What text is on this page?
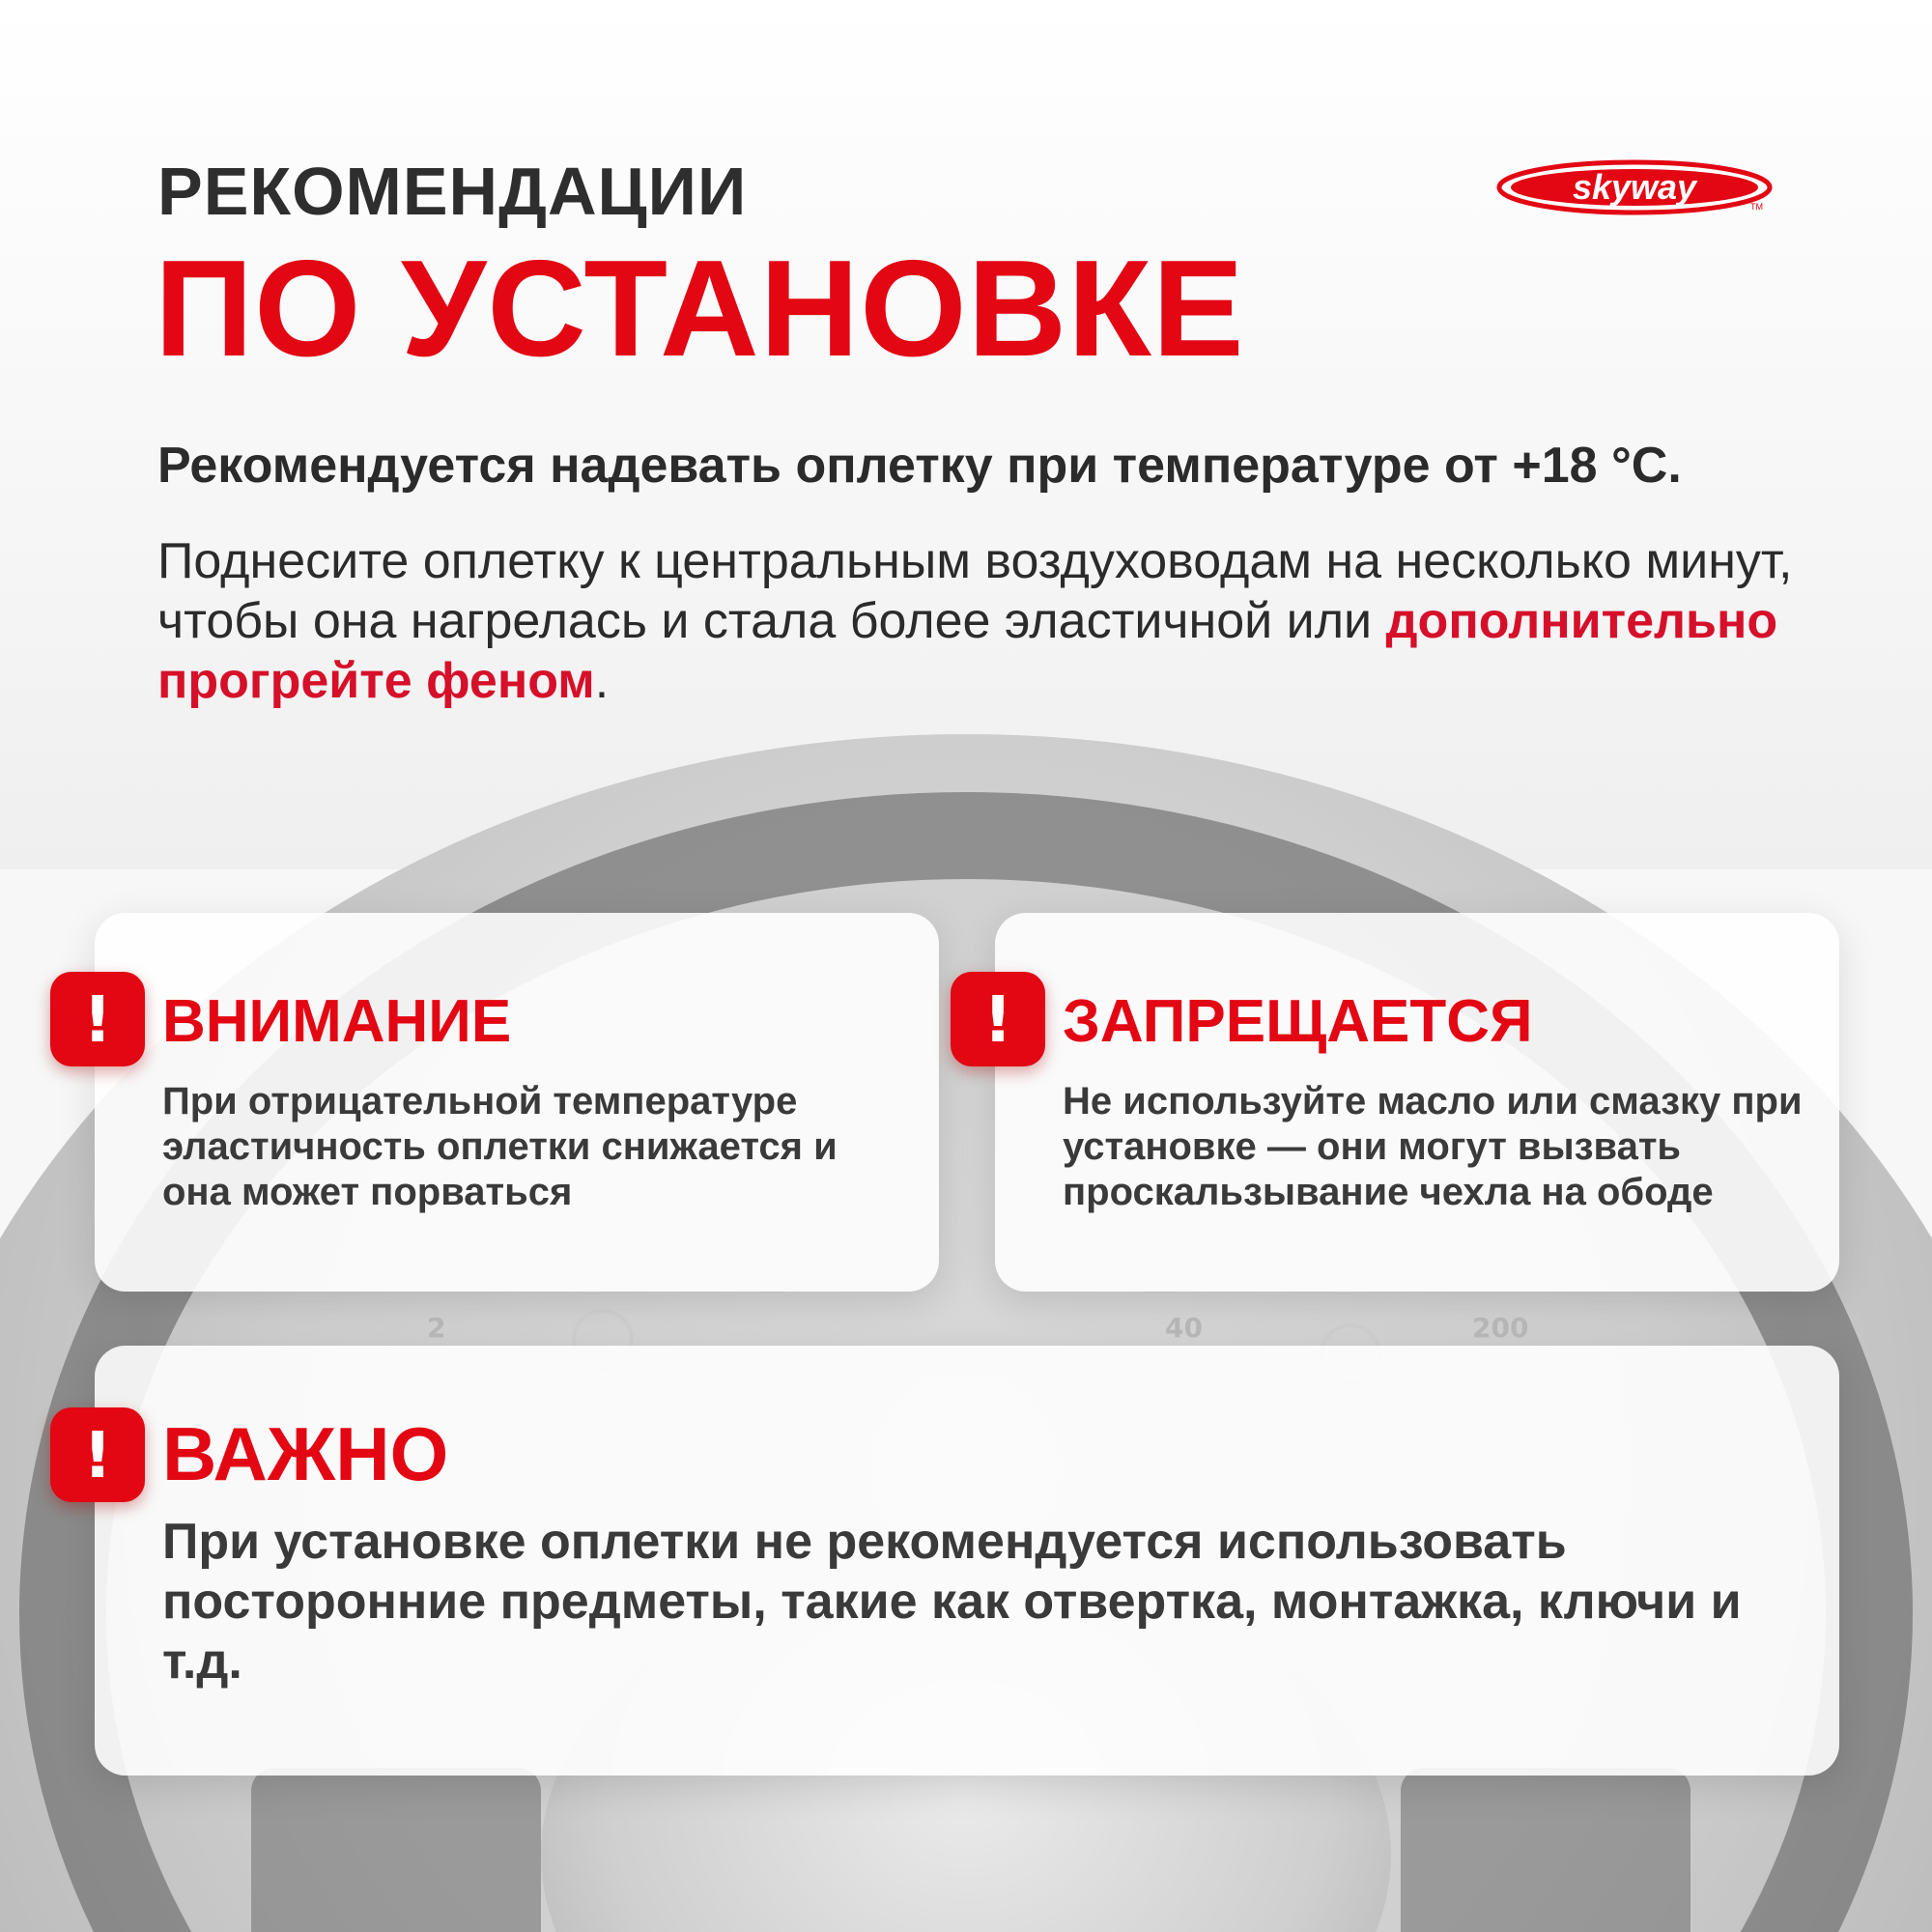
2	40	200
РЕКОМЕНДАЦИИ
ПО УСТАНОВКЕ
skyway	TM
Рекомендуется надевать оплетку при температуре от +18 °С.
Поднесите оплетку к центральным воздуховодам на несколько минут, чтобы она нагрелась и стала более эластичной или дополнительно прогрейте феном.
! ВНИМАНИЕ
При отрицательной температуре эластичность оплетки снижается и она может порваться
! ЗАПРЕЩАЕТСЯ
Не используйте масло или смазку при установке — они могут вызвать проскальзывание чехла на ободе
! ВАЖНО
При установке оплетки не рекомендуется использовать посторонние предметы, такие как отвертка, монтажка, ключи и т.д.
